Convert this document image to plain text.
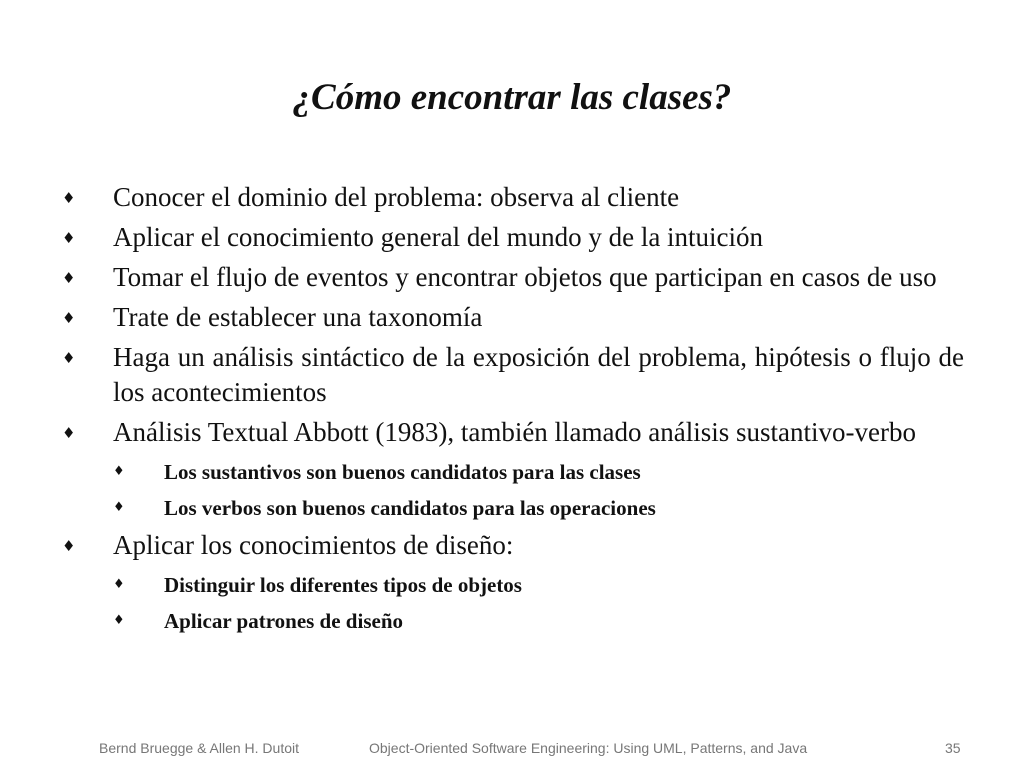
¿Cómo encontrar las clases?
♦ Conocer el dominio del problema: observa al cliente
♦ Aplicar el conocimiento general del mundo y de la intuición
♦ Tomar el flujo de eventos y encontrar objetos que participan en casos de uso
♦ Trate de establecer una taxonomía
♦ Haga un análisis sintáctico de la exposición del problema, hipótesis o flujo de los acontecimientos
♦ Análisis Textual Abbott (1983), también llamado análisis sustantivo-verbo
♦ Los sustantivos son buenos candidatos para las clases
♦ Los verbos son buenos candidatos para las operaciones
♦ Aplicar los conocimientos de diseño:
♦ Distinguir los diferentes tipos de objetos
♦ Aplicar patrones de diseño
Bernd Bruegge & Allen H. Dutoit	Object-Oriented Software Engineering: Using UML, Patterns, and Java	35
